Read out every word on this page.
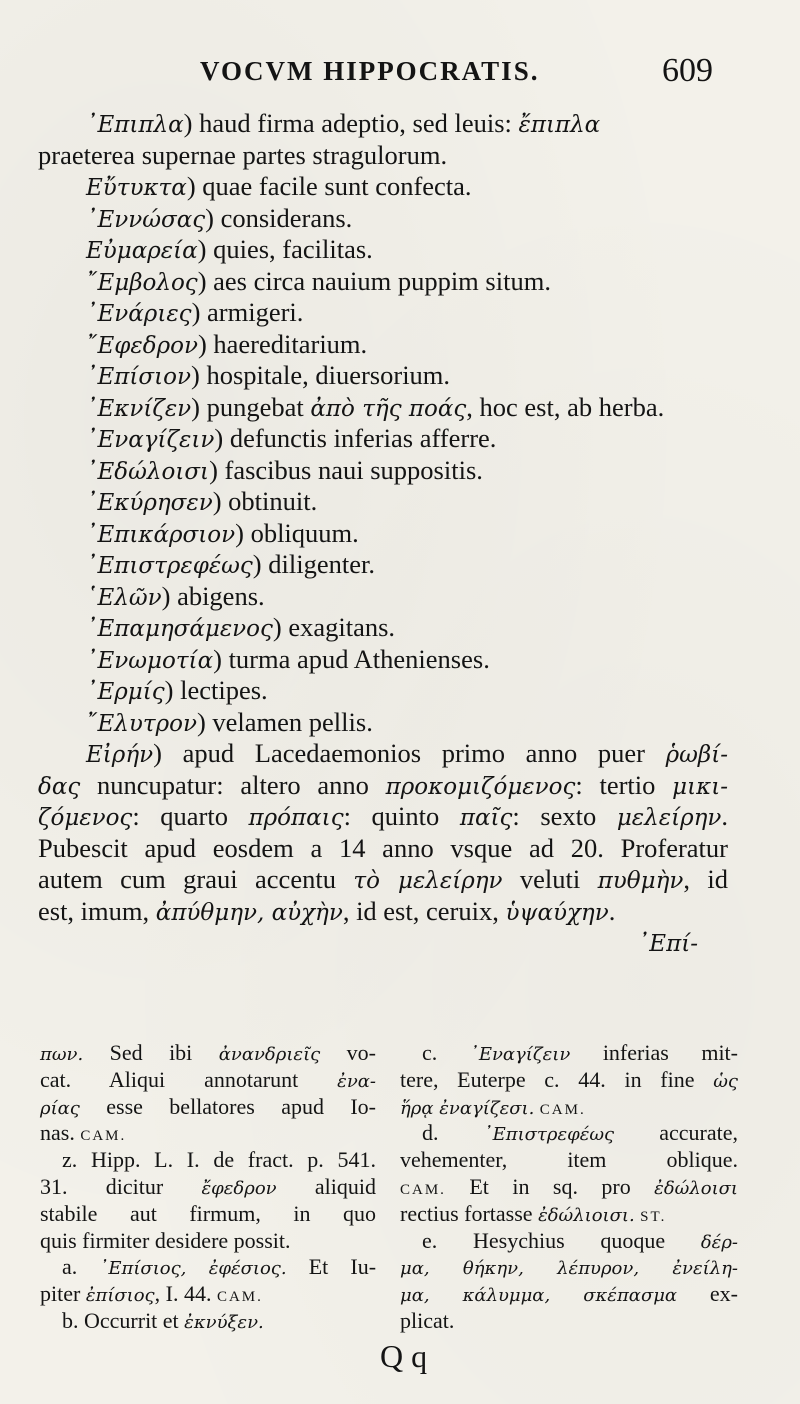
VOCVM HIPPOCRATIS.	609
᾽Επιπλα) haud firma adeptio, sed leuis: ἔπιπλα
praeterea supernae partes stragulorum.
Εὔτυκτα) quae facile sunt confecta.
᾽Εννώσας) considerans.
Εὐμαρεία) quies, facilitas.
῎Εμβολος) aes circa nauium puppim situm.
᾽Ενάριες) armigeri.
῎Εφεδρον) haereditarium.
᾽Επίσιον) hospitale, diuersorium.
᾽Εκνίζεν) pungebat ἀπὸ τῆς ποάς, hoc est, ab herba.
᾽Εναγίζειν) defunctis inferias afferre.
᾽Εδώλοισι) fascibus naui suppositis.
᾽Εκύρησεν) obtinuit.
᾽Επικάρσιον) obliquum.
᾽Επιστρεφέως) diligenter.
῾Ελῶν) abigens.
᾽Επαμησάμενος) exagitans.
᾽Ενωμοτία) turma apud Athenienses.
᾽Ερμίς) lectipes.
῎Ελυτρον) velamen pellis.
Εἰρήν) apud Lacedaemonios primo anno puer ῥωβί-
δας nuncupatur: altero anno προκομιζόμενος: tertio μικι-
ζόμενος: quarto πρόπαις: quinto παῖς: sexto μελείρην.
Pubescit apud eosdem a 14 anno vsque ad 20. Proferatur
autem cum graui accentu τὸ μελείρην veluti πυθμὴν, id
est, imum, ἀπύθμην, αὐχὴν, id est, ceruix, ὑψαύχην.
᾽Επί-
πων. Sed ibi ἀνανδριεῖς vo-
cat. Aliqui annotarunt ἐνα-
ρίας esse bellatores apud Io-
nas. CAM.
z. Hipp. L. I. de fract. p. 541.
31. dicitur ἔφεδρον aliquid
stabile aut firmum, in quo
quis firmiter desidere possit.
a. ᾽Επίσιος, ἐφέσιος. Et Iu-
piter ἐπίσιος, I. 44. CAM.
b. Occurrit et ἐκνύξεν.
c. ᾽Εναγίζειν inferias mit-
tere, Euterpe c. 44. in fine ὡς
ἥρᾳ ἐναγίζεσι. CAM.
d. ᾽Επιστρεφέως accurate,
vehementer, item oblique.
CAM. Et in sq. pro ἐδώλοισι
rectius fortasse ἐδώλιοισι. ST.
e. Hesychius quoque δέρ-
μα, θήκην, λέπυρον, ἐνείλη-
μα, κάλυμμα, σκέπασμα ex-
plicat.
Q q
